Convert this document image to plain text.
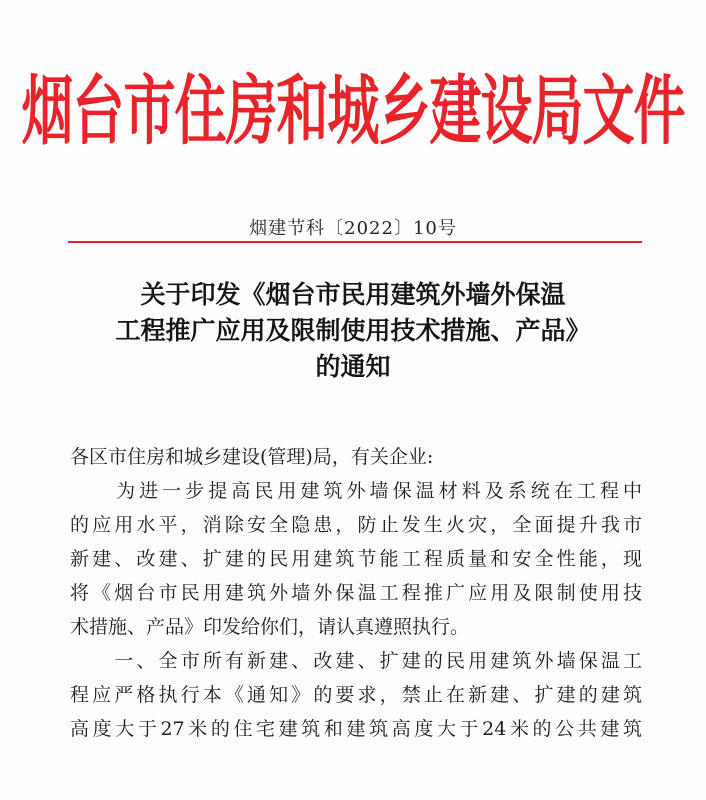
烟台市住房和城乡建设局文件
烟建节科〔2022〕10号
关于印发《烟台市民用建筑外墙外保温
工程推广应用及限制使用技术措施、产品》
的通知

各区市住房和城乡建设(管理)局，有关企业:

　　为进一步提高民用建筑外墙保温材料及系统在工程中

的应用水平，消除安全隐患，防止发生火灾，全面提升我市

新建、改建、扩建的民用建筑节能工程质量和安全性能，现

将《烟台市民用建筑外墙外保温工程推广应用及限制使用技

术措施、产品》印发给你们，请认真遵照执行。

　　一、全市所有新建、改建、扩建的民用建筑外墙保温工

程应严格执行本《通知》的要求，禁止在新建、扩建的建筑

高度大于27米的住宅建筑和建筑高度大于24米的公共建筑
